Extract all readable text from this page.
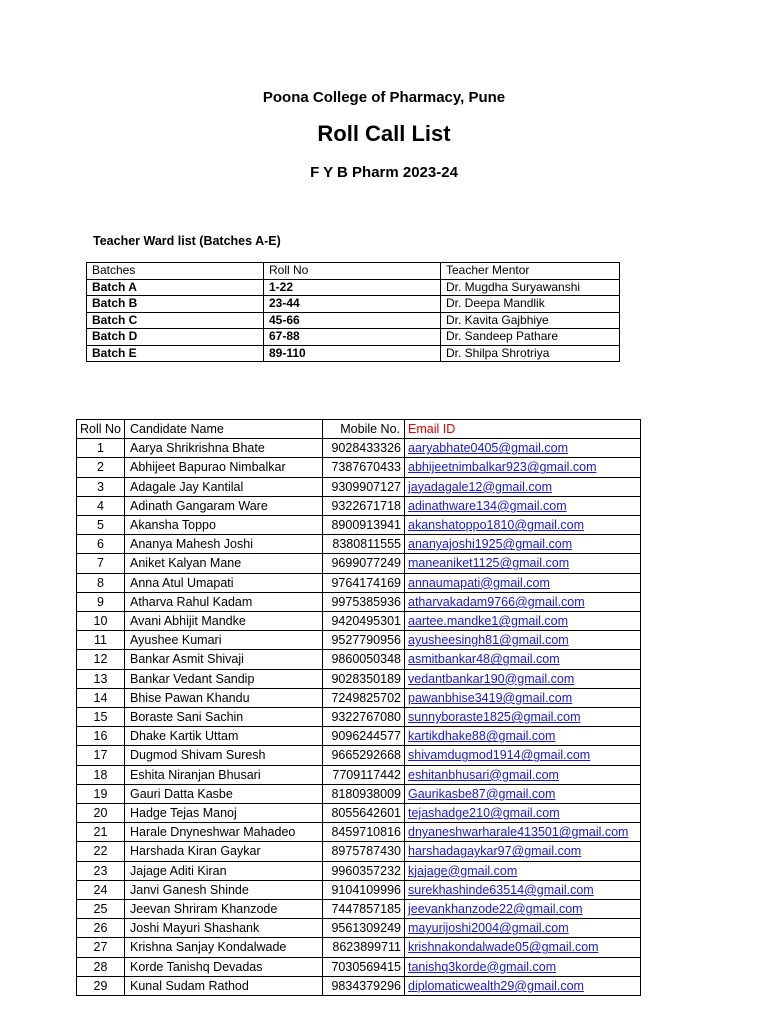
Poona College of Pharmacy, Pune
Roll Call List
F Y B Pharm 2023-24
Teacher Ward list (Batches A-E)
Batches	Roll No	Teacher Mentor
Batch A	1-22	Dr. Mugdha Suryawanshi
Batch B	23-44	Dr. Deepa Mandlik
Batch C	45-66	Dr. Kavita Gajbhiye
Batch D	67-88	Dr. Sandeep Pathare
Batch E	89-110	Dr. Shilpa Shrotriya
Roll No	Candidate Name	Mobile No.	Email ID
1	Aarya Shrikrishna Bhate	9028433326	aaryabhate0405@gmail.com
2	Abhijeet Bapurao Nimbalkar	7387670433	abhijeetnimbalkar923@gmail.com
3	Adagale Jay Kantilal	9309907127	jayadagale12@gmail.com
4	Adinath Gangaram Ware	9322671718	adinathware134@gmail.com
5	Akansha Toppo	8900913941	akanshatoppo1810@gmail.com
6	Ananya Mahesh Joshi	8380811555	ananyajoshi1925@gmail.com
7	Aniket Kalyan Mane	9699077249	maneaniket1125@gmail.com
8	Anna Atul Umapati	9764174169	annaumapati@gmail.com
9	Atharva Rahul Kadam	9975385936	atharvakadam9766@gmail.com
10	Avani Abhijit Mandke	9420495301	aartee.mandke1@gmail.com
11	Ayushee Kumari	9527790956	ayusheesingh81@gmail.com
12	Bankar Asmit Shivaji	9860050348	asmitbankar48@gmail.com
13	Bankar Vedant Sandip	9028350189	vedantbankar190@gmail.com
14	Bhise Pawan Khandu	7249825702	pawanbhise3419@gmail.com
15	Boraste Sani Sachin	9322767080	sunnyboraste1825@gmail.com
16	Dhake Kartik Uttam	9096244577	kartikdhake88@gmail.com
17	Dugmod Shivam Suresh	9665292668	shivamdugmod1914@gmail.com
18	Eshita Niranjan Bhusari	7709117442	eshitanbhusari@gmail.com
19	Gauri Datta Kasbe	8180938009	Gaurikasbe87@gmail.com
20	Hadge Tejas Manoj	8055642601	tejashadge210@gmail.com
21	Harale Dnyneshwar Mahadeo	8459710816	dnyaneshwarharale413501@gmail.com
22	Harshada Kiran Gaykar	8975787430	harshadagaykar97@gmail.com
23	Jajage Aditi Kiran	9960357232	kjajage@gmail.com
24	Janvi Ganesh Shinde	9104109996	surekhashinde63514@gmail.com
25	Jeevan Shriram Khanzode	7447857185	jeevankhanzode22@gmail.com
26	Joshi Mayuri Shashank	9561309249	mayurijoshi2004@gmail.com
27	Krishna Sanjay Kondalwade	8623899711	krishnakondalwade05@gmail.com
28	Korde Tanishq Devadas	7030569415	tanishq3korde@gmail.com
29	Kunal Sudam Rathod	9834379296	diplomaticwealth29@gmail.com
